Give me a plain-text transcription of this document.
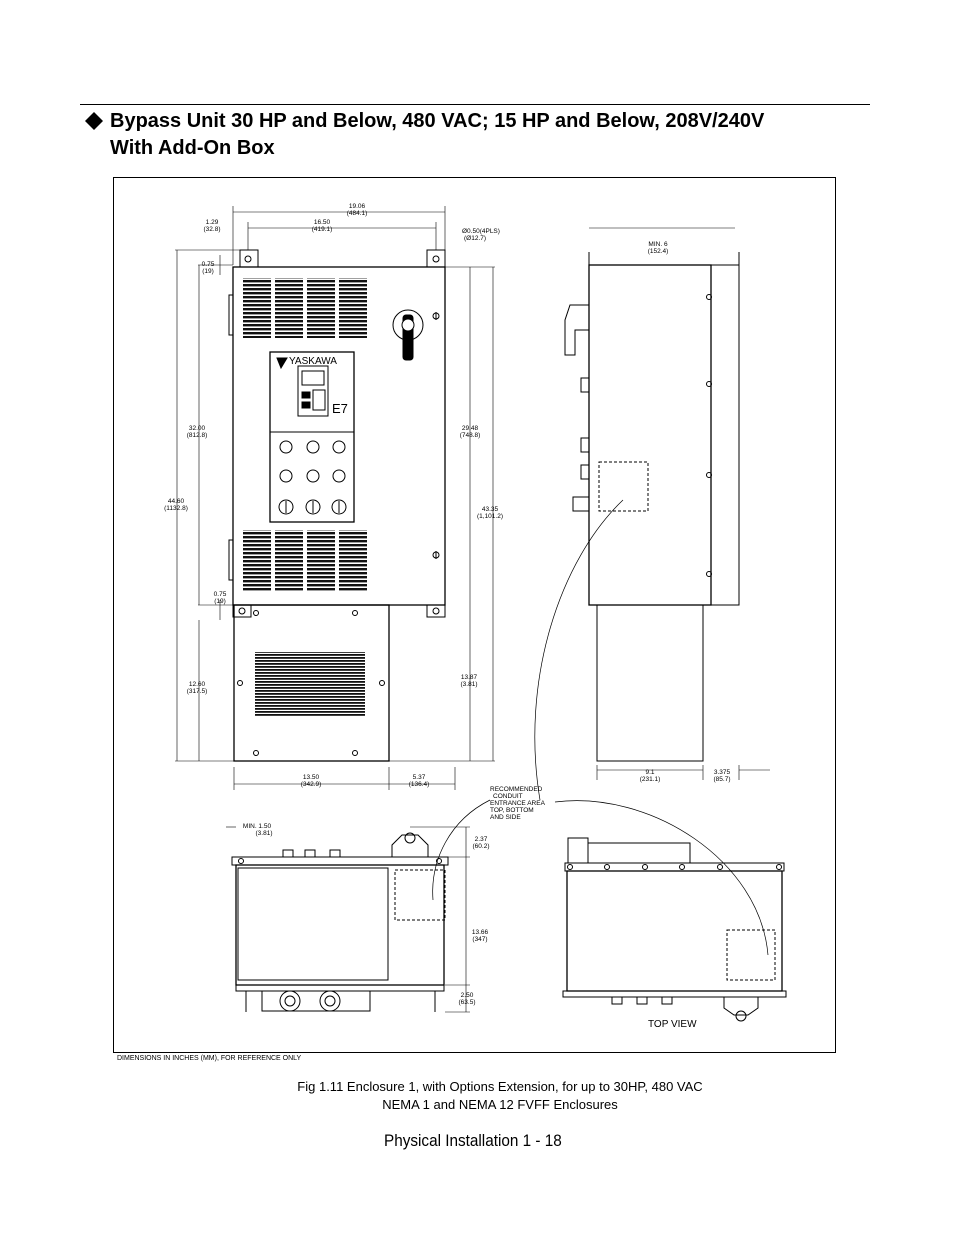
Bypass Unit 30 HP and Below, 480 VAC; 15 HP and Below, 208V/240V
With Add-On Box
19.06
(484.1)
16.50
(419.1)
1.29
(32.8)	Ø0.50(4PLS)
(Ø12.7)
0.75
(19)
32.00
(812.8)
44.60
(1132.8)
29.48
(748.8)
43.35
(1,101.2)
0.75
(19)
12.60
(317.5)
13.87
(3.81)
13.50
(342.9)
5.37
(136.4)
MIN. 6
(152.4)
9.1
(231.1)
3.375
(85.7)
MIN. 1.50
(3.81)
2.37
(60.2)
13.66
(347)
2.50
(63.5)
RECOMMENDED
CONDUIT
ENTRANCE AREA
TOP, BOTTOM
AND SIDE
YASKAWA
E7
TOP VIEW
DIMENSIONS IN INCHES (MM), FOR REFERENCE ONLY
Fig 1.11 Enclosure 1, with Options Extension, for up to 30HP, 480 VAC
NEMA 1 and NEMA 12 FVFF Enclosures
Physical Installation 1 - 18
